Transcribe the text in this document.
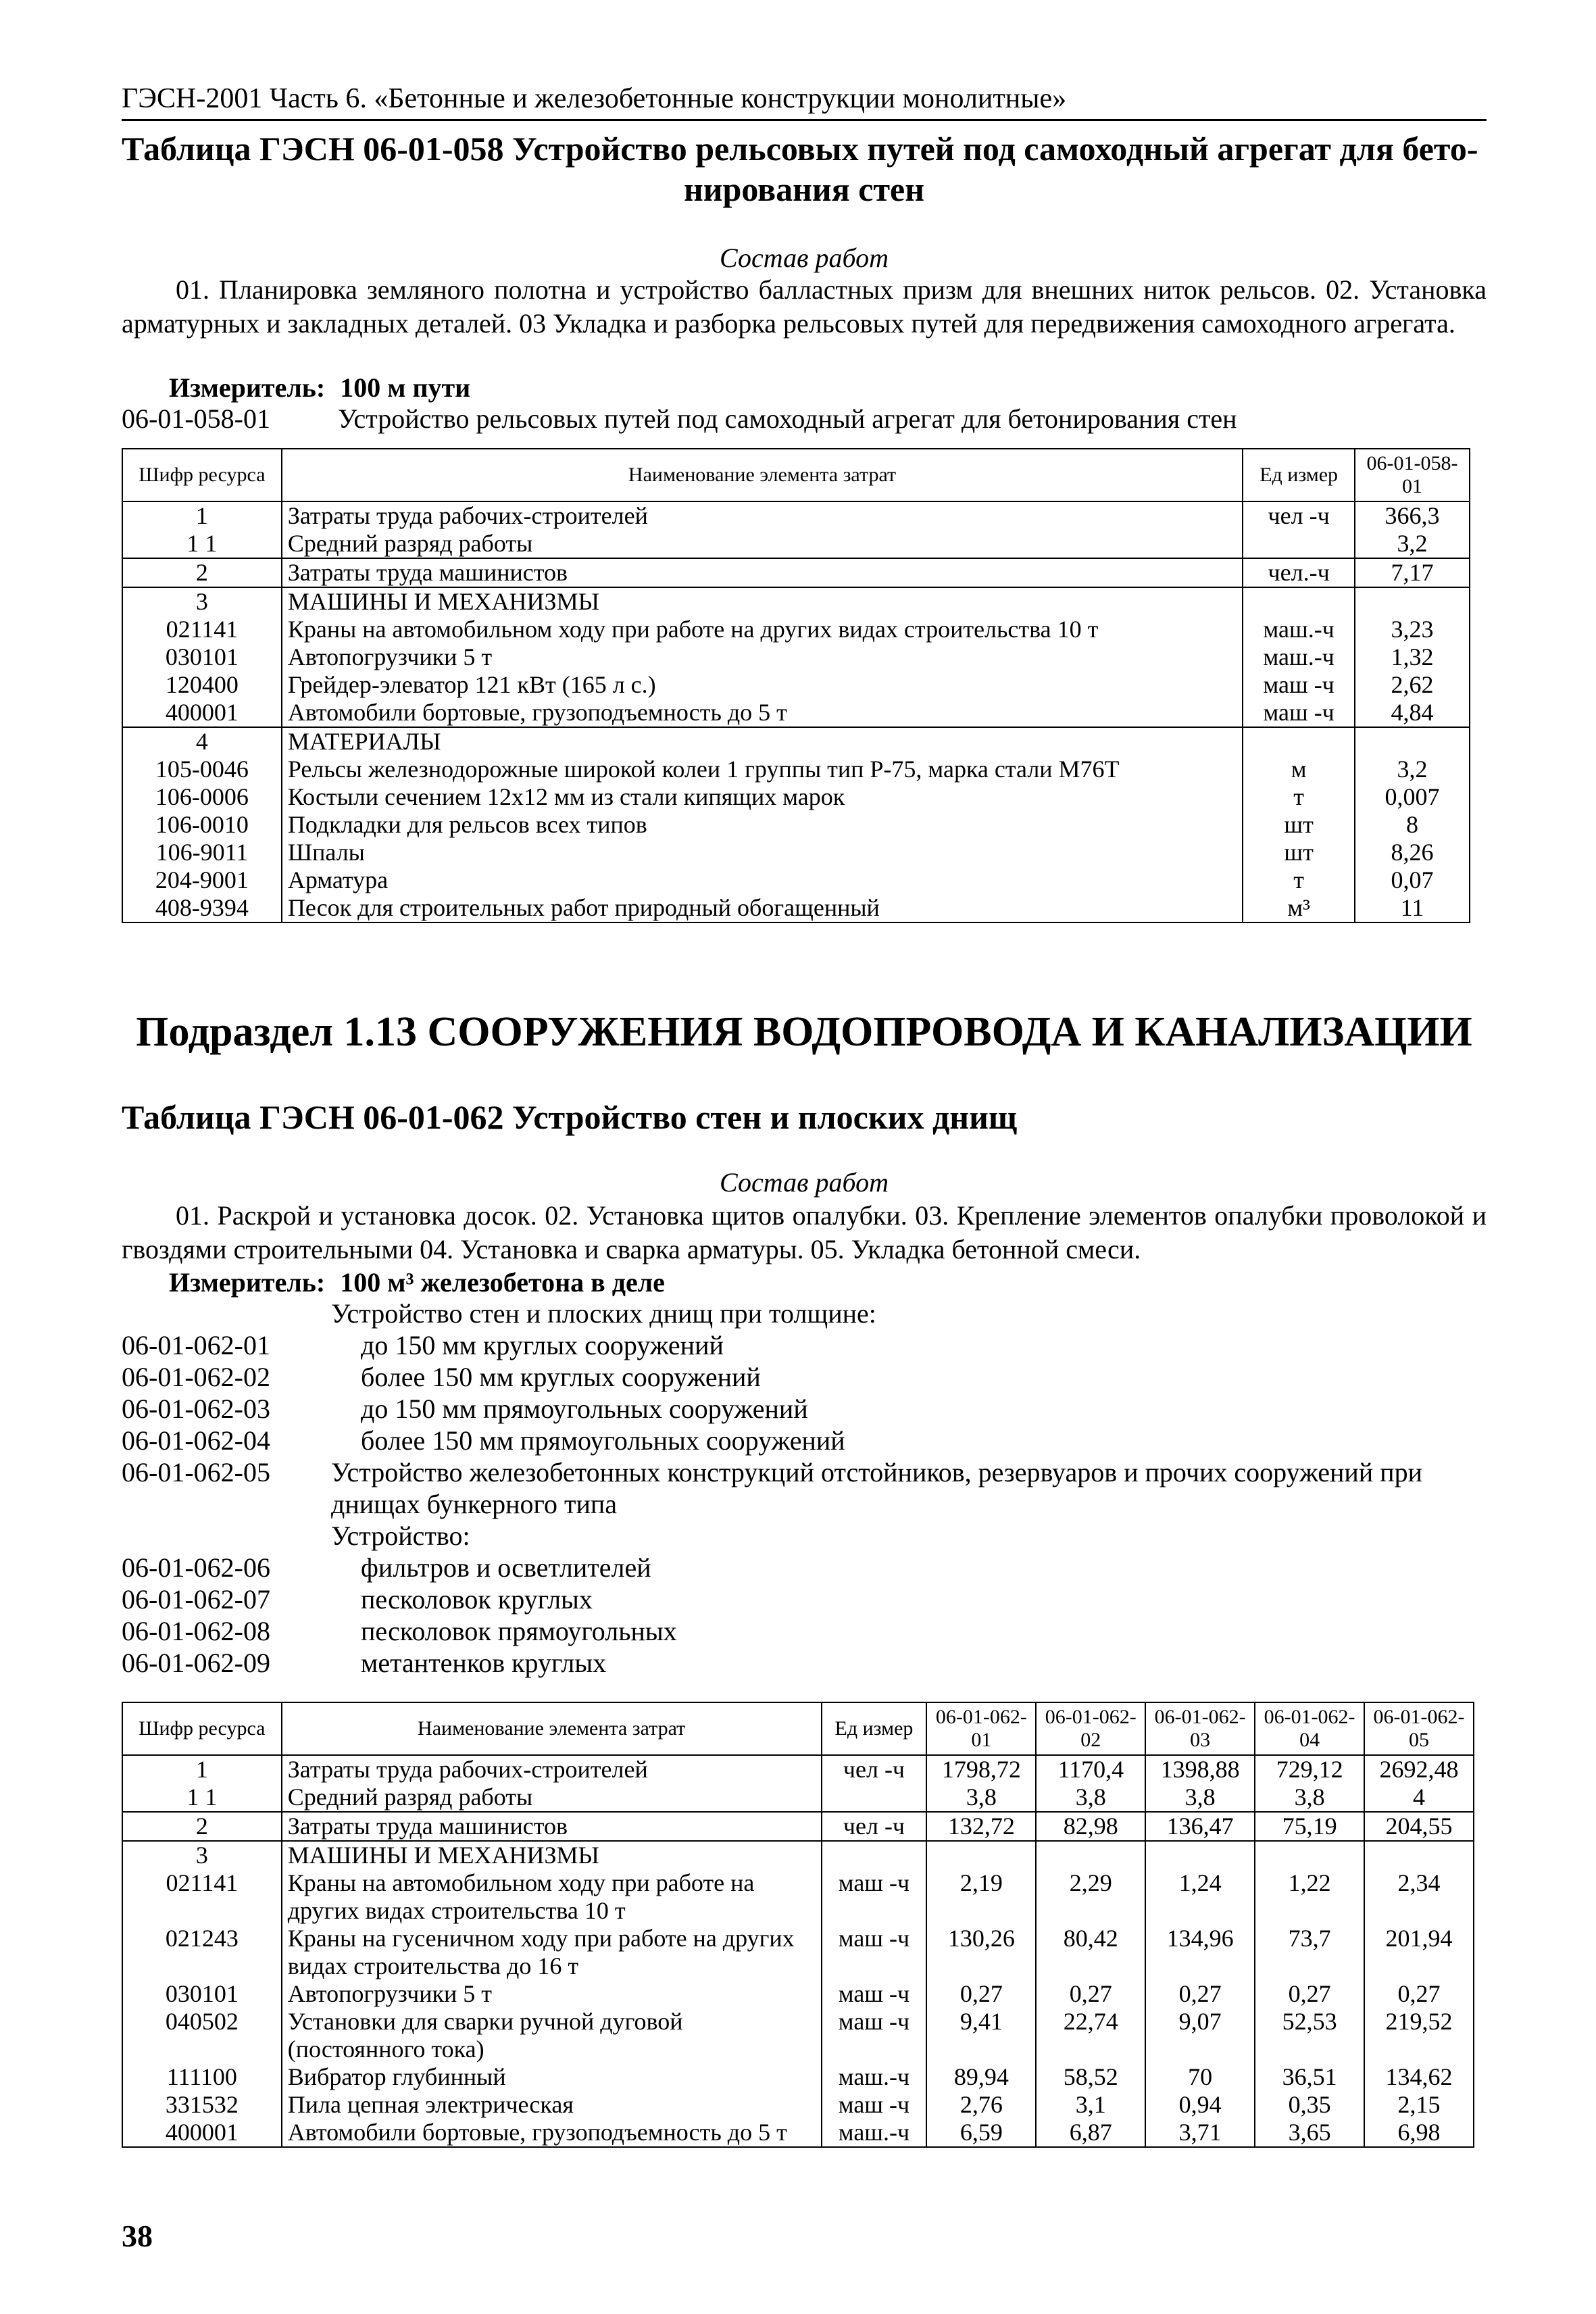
ГЭСН-2001 Часть 6. «Бетонные и железобетонные конструкции монолитные»
Таблица ГЭСН 06-01-058 Устройство рельсовых путей под самоходный агрегат для бето-
нирования стен
Состав работ
01. Планировка земляного полотна и устройство балластных призм для внешних ниток рельсов. 02. Установка арматурных и закладных деталей. 03 Укладка и разборка рельсовых путей для передвижения самоходного агрегата.
Измеритель: 100 м пути
06-01-058-01	Устройство рельсовых путей под самоходный агрегат для бетонирования стен
Шифр ресурса	Наименование элемента затрат	Ед измер	06-01-058-01
1	Затраты труда рабочих-строителей	чел -ч	366,3
1 1	Средний разряд работы		3,2
2	Затраты труда машинистов	чел.-ч	7,17
3	МАШИНЫ И МЕХАНИЗМЫ		
021141	Краны на автомобильном ходу при работе на других видах строительства 10 т	маш.-ч	3,23
030101	Автопогрузчики 5 т	маш.-ч	1,32
120400	Грейдер-элеватор 121 кВт (165 л с.)	маш -ч	2,62
400001	Автомобили бортовые, грузоподъемность до 5 т	маш -ч	4,84
4	МАТЕРИАЛЫ		
105-0046	Рельсы железнодорожные широкой колеи 1 группы тип Р-75, марка стали М76Т	м	3,2
106-0006	Костыли сечением 12х12 мм из стали кипящих марок	т	0,007
106-0010	Подкладки для рельсов всех типов	шт	8
106-9011	Шпалы	шт	8,26
204-9001	Арматура	т	0,07
408-9394	Песок для строительных работ природный обогащенный	м³	11
Подраздел 1.13 СООРУЖЕНИЯ ВОДОПРОВОДА И КАНАЛИЗАЦИИ
Таблица ГЭСН 06-01-062 Устройство стен и плоских днищ
Состав работ
01. Раскрой и установка досок. 02. Установка щитов опалубки. 03. Крепление элементов опалубки проволокой и гвоздями строительными 04. Установка и сварка арматуры. 05. Укладка бетонной смеси.
Измеритель: 100 м³ железобетона в деле
Устройство стен и плоских днищ при толщине:
06-01-062-01	до 150 мм круглых сооружений
06-01-062-02	более 150 мм круглых сооружений
06-01-062-03	до 150 мм прямоугольных сооружений
06-01-062-04	более 150 мм прямоугольных сооружений
06-01-062-05	Устройство железобетонных конструкций отстойников, резервуаров и прочих сооружений при днищах бункерного типа
Устройство:
06-01-062-06	фильтров и осветлителей
06-01-062-07	песколовок круглых
06-01-062-08	песколовок прямоугольных
06-01-062-09	метантенков круглых
Шифр ресурса	Наименование элемента затрат	Ед измер	06-01-062-01	06-01-062-02	06-01-062-03	06-01-062-04	06-01-062-05
1	Затраты труда рабочих-строителей	чел -ч	1798,72	1170,4	1398,88	729,12	2692,48
1 1	Средний разряд работы		3,8	3,8	3,8	3,8	4
2	Затраты труда машинистов	чел -ч	132,72	82,98	136,47	75,19	204,55
3	МАШИНЫ И МЕХАНИЗМЫ						
021141	Краны на автомобильном ходу при работе на других видах строительства 10 т	маш -ч	2,19	2,29	1,24	1,22	2,34
021243	Краны на гусеничном ходу при работе на других видах строительства до 16 т	маш -ч	130,26	80,42	134,96	73,7	201,94
030101	Автопогрузчики 5 т	маш -ч	0,27	0,27	0,27	0,27	0,27
040502	Установки для сварки ручной дуговой (постоянного тока)	маш -ч	9,41	22,74	9,07	52,53	219,52
111100	Вибратор глубинный	маш.-ч	89,94	58,52	70	36,51	134,62
331532	Пила цепная электрическая	маш -ч	2,76	3,1	0,94	0,35	2,15
400001	Автомобили бортовые, грузоподъемность до 5 т	маш.-ч	6,59	6,87	3,71	3,65	6,98
38
